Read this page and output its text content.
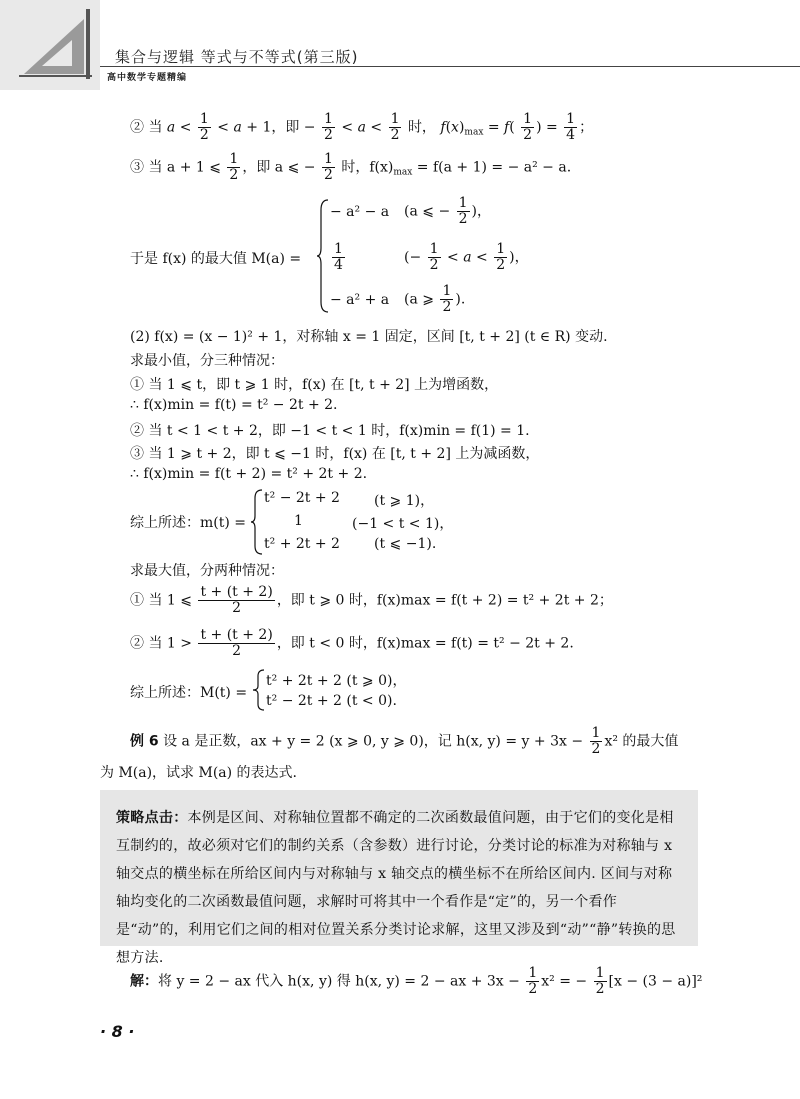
集合与逻辑 等式与不等式(第三版)
高中数学专题精编
② 当 $a < \frac{1}{2} < a + 1$，即 − $\frac{1}{2} < a < \frac{1}{2}$ 时， $f(x)_{max} = f( \frac{1}{2}$ ) = $\frac{1}{4}$ ；
③ 当 a + 1 ⩽ $\frac{1}{2}$ ，即 a ⩽ − $\frac{1}{2}$ 时，$f(x)_{max} = f(a + 1)$ = − a² − a.
于是 f(x) 的最大值 M(a) =
− a² − a (a ⩽ − $\frac{1}{2}$ )，
$\frac{1}{4}$	(− $\frac{1}{2} < a < \frac{1}{2}$ )，
− a² + a (a ⩾ $\frac{1}{2}$ ).
(2) f(x) = (x − 1)² + 1，对称轴 x = 1 固定，区间 [t, t + 2] (t ∈ R) 变动.
求最小值，分三种情况：
① 当 1 ⩽ t，即 t ⩾ 1 时，f(x) 在 [t, t + 2] 上为增函数，
∴ f(x)min = f(t) = t² − 2t + 2.
② 当 t < 1 < t + 2，即 −1 < t < 1 时，f(x)min = f(1) = 1.
③ 当 1 ⩾ t + 2，即 t ⩽ −1 时，f(x) 在 [t, t + 2] 上为减函数，
∴ f(x)min = f(t + 2) = t² + 2t + 2.
综上所述：m(t) =
t² − 2t + 2 (t ⩾ 1)，
1	(−1 < t < 1)，
t² + 2t + 2 (t ⩽ −1).
求最大值，分两种情况：
① 当 1 ⩽ $\frac{t + (t + 2)}{2}$ ，即 t ⩾ 0 时，f(x)max = f(t + 2) = t² + 2t + 2；
② 当 $1 > \frac{t + (t + 2)}{2}$ ，即 t < 0 时，f(x)max = f(t) = t² − 2t + 2.
综上所述：M(t) =
t² + 2t + 2 (t ⩾ 0)，
t² − 2t + 2 (t < 0).
例 6 设 a 是正数，ax + y = 2 (x ⩾ 0, y ⩾ 0)，记 h(x, $y) = y + 3x - \frac{1}{2} x^2$ 的最大值
为 M(a)，试求 M(a) 的表达式.
策略点击：本例是区间、对称轴位置都不确定的二次函数最值问题，由于它们的变化是相互制约的，故必须对它们的制约关系（含参数）进行讨论，分类讨论的标准为对称轴与 x 轴交点的横坐标在所给区间内与对称轴与 x 轴交点的横坐标不在所给区间内. 区间与对称轴均变化的二次函数最值问题，求解时可将其中一个看作是“定”的，另一个看作是“动”的，利用它们之间的相对位置关系分类讨论求解，这里又涉及到“动”“静”转换的思想方法.
解：将 y = 2 − ax 代入 h(x, y) 得 h(x, y) = 2 − ax + $3x - \frac{1}{2} x^2$ = − $\frac{1}{2} [x - (3 - a)]^2$
· 8 ·
